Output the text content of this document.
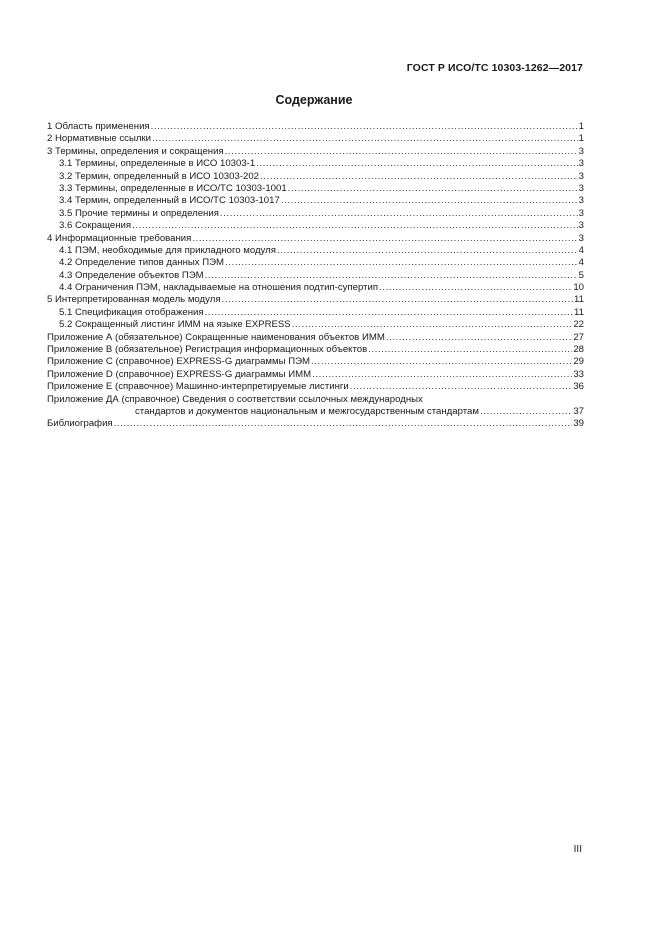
ГОСТ Р ИСО/ТС 10303-1262—2017
Содержание
1 Область применения .....	1
2 Нормативные ссылки .....	1
3 Термины, определения и сокращения .....	3
3.1 Термины, определенные в ИСО 10303-1 .....	3
3.2 Термин, определенный в ИСО 10303-202 .....	3
3.3 Термины, определенные в ИСО/ТС 10303-1001 .....	3
3.4 Термин, определенный в ИСО/ТС 10303-1017 .....	3
3.5 Прочие термины и определения .....	3
3.6 Сокращения .....	3
4 Информационные требования .....	3
4.1 ПЭМ, необходимые для прикладного модуля .....	4
4.2 Определение типов данных ПЭМ .....	4
4.3 Определение объектов ПЭМ .....	5
4.4 Ограничения ПЭМ, накладываемые на отношения подтип-супертип .....	10
5 Интерпретированная модель модуля .....	11
5.1 Спецификация отображения .....	11
5.2 Сокращенный листинг ИММ на языке EXPRESS .....	22
Приложение А (обязательное) Сокращенные наименования объектов ИММ .....	27
Приложение В (обязательное) Регистрация информационных объектов .....	28
Приложение С (справочное) EXPRESS-G диаграммы ПЭМ .....	29
Приложение D (справочное) EXPRESS-G диаграммы ИММ .....	33
Приложение Е (справочное) Машинно-интерпретируемые листинги .....	36
Приложение ДА (справочное) Сведения о соответствии ссылочных международных
стандартов и документов национальным и межгосударственным стандартам .....	37
Библиография .....	39
III
